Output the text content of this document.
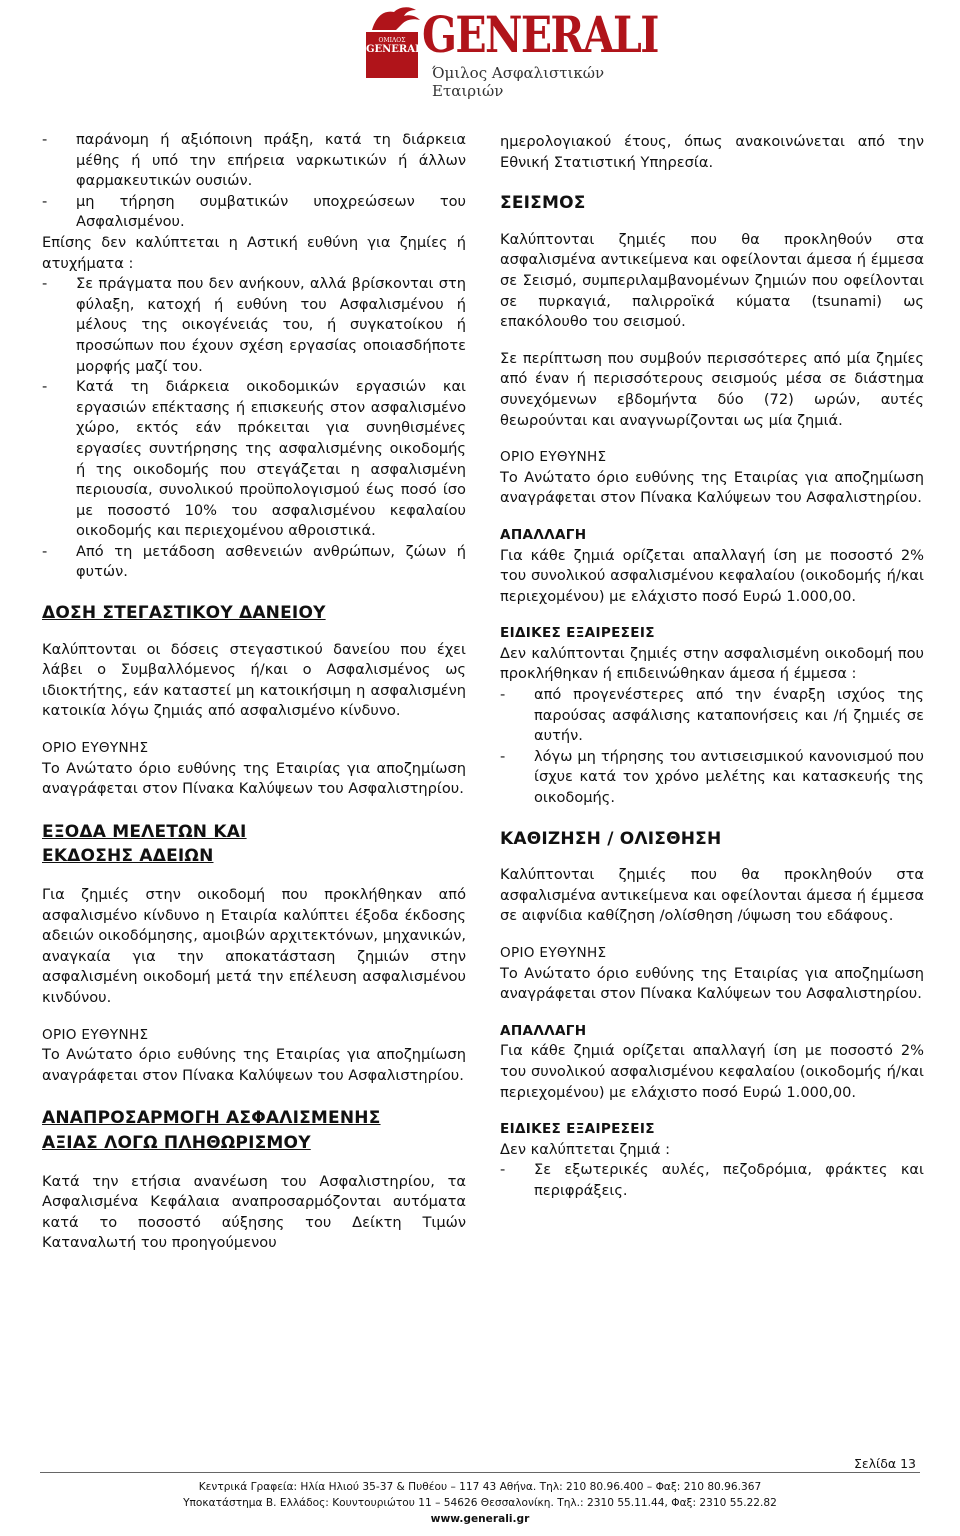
ΟΜΙΛΟΣ
GENERALI
GENERALI
Όμιλος Ασφαλιστικών Εταιριών
-	παράνομη ή αξιόποινη πράξη, κατά τη διάρκεια μέθης ή υπό την επήρεια ναρκωτικών ή άλλων φαρμακευτικών ουσιών.
-	μη τήρηση συμβατικών υποχρεώσεων του Ασφαλισμένου.

Επίσης δεν καλύπτεται η Αστική ευθύνη για ζημίες ή ατυχήματα :

-	Σε πράγματα που δεν ανήκουν, αλλά βρίσκονται στη φύλαξη, κατοχή ή ευθύνη του Ασφαλισμένου ή μέλους της οικογένειάς του, ή συγκατοίκου ή προσώπων που έχουν σχέση εργασίας οποιασδήποτε μορφής μαζί του.
-	Κατά τη διάρκεια οικοδομικών εργασιών και εργασιών επέκτασης ή επισκευής στον ασφαλισμένο χώρο, εκτός εάν πρόκειται για συνηθισμένες εργασίες συντήρησης της ασφαλισμένης οικοδομής ή της οικοδομής που στεγάζεται η ασφαλισμένη περιουσία, συνολικού προϋπολογισμού έως ποσό ίσο με ποσοστό 10% του ασφαλισμένου κεφαλαίου οικοδομής και περιεχομένου αθροιστικά.
-	Από τη μετάδοση ασθενειών ανθρώπων, ζώων ή φυτών.
ΔΟΣΗ ΣΤΕΓΑΣΤΙΚΟΥ ΔΑΝΕΙΟΥ

Καλύπτονται οι δόσεις στεγαστικού δανείου που έχει λάβει ο Συμβαλλόμενος ή/και ο Ασφαλισμένος ως ιδιοκτήτης, εάν καταστεί μη κατοικήσιμη η ασφαλισμένη κατοικία λόγω ζημιάς από ασφαλισμένο κίνδυνο.

ΟΡΙΟ ΕΥΘΥΝΗΣ

Το Ανώτατο όριο ευθύνης της Εταιρίας για αποζημίωση αναγράφεται στον Πίνακα Καλύψεων του Ασφαλιστηρίου.

ΕΞΟΔΑ ΜΕΛΕΤΩΝ ΚΑΙ
ΕΚΔΟΣΗΣ ΑΔΕΙΩΝ

Για ζημιές στην οικοδομή που προκλήθηκαν από ασφαλισμένο κίνδυνο η Εταιρία καλύπτει έξοδα έκδοσης αδειών οικοδόμησης, αμοιβών αρχιτεκτόνων, μηχανικών, αναγκαία για την αποκατάσταση ζημιών στην ασφαλισμένη οικοδομή μετά την επέλευση ασφαλισμένου κινδύνου.

ΟΡΙΟ ΕΥΘΥΝΗΣ

Το Ανώτατο όριο ευθύνης της Εταιρίας για αποζημίωση αναγράφεται στον Πίνακα Καλύψεων του Ασφαλιστηρίου.

ΑΝΑΠΡΟΣΑΡΜΟΓΗ ΑΣΦΑΛΙΣΜΕΝΗΣ
ΑΞΙΑΣ ΛΟΓΩ ΠΛΗΘΩΡΙΣΜΟΥ

Κατά την ετήσια ανανέωση του Ασφαλιστηρίου, τα Ασφαλισμένα Κεφάλαια αναπροσαρμόζονται αυτόματα κατά το ποσοστό αύξησης του Δείκτη Τιμών Καταναλωτή του προηγούμενου

ημερολογιακού έτους, όπως ανακοινώνεται από την Εθνική Στατιστική Υπηρεσία.

ΣΕΙΣΜΟΣ

Καλύπτονται ζημιές που θα προκληθούν στα ασφαλισμένα αντικείμενα και οφείλονται άμεσα ή έμμεσα σε Σεισμό, συμπεριλαμβανομένων ζημιών που οφείλονται σε πυρκαγιά, παλιρροϊκά κύματα (tsunami) ως επακόλουθο του σεισμού.

Σε περίπτωση που συμβούν περισσότερες από μία ζημίες από έναν ή περισσότερους σεισμούς μέσα σε διάστημα συνεχόμενων εβδομήντα δύο (72) ωρών, αυτές θεωρούνται και αναγνωρίζονται ως μία ζημιά.

ΟΡΙΟ ΕΥΘΥΝΗΣ

Το Ανώτατο όριο ευθύνης της Εταιρίας για αποζημίωση αναγράφεται στον Πίνακα Καλύψεων του Ασφαλιστηρίου.

ΑΠΑΛΛΑΓΗ

Για κάθε ζημιά ορίζεται απαλλαγή ίση με ποσοστό 2% του συνολικού ασφαλισμένου κεφαλαίου (οικοδομής ή/και περιεχομένου) με ελάχιστο ποσό Ευρώ 1.000,00.

ΕΙΔΙΚΕΣ ΕΞΑΙΡΕΣΕΙΣ

Δεν καλύπτονται ζημιές στην ασφαλισμένη οικοδομή που προκλήθηκαν ή επιδεινώθηκαν άμεσα ή έμμεσα :

-	από προγενέστερες από την έναρξη ισχύος της παρούσας ασφάλισης καταπονήσεις και /ή ζημιές σε αυτήν.
-	λόγω μη τήρησης του αντισεισμικού κανονισμού που ίσχυε κατά τον χρόνο μελέτης και κατασκευής της οικοδομής.
ΚΑΘΙΖΗΣΗ / ΟΛΙΣΘΗΣΗ

Καλύπτονται ζημιές που θα προκληθούν στα ασφαλισμένα αντικείμενα και οφείλονται άμεσα ή έμμεσα σε αιφνίδια καθίζηση /ολίσθηση /ύψωση του εδάφους.

ΟΡΙΟ ΕΥΘΥΝΗΣ

Το Ανώτατο όριο ευθύνης της Εταιρίας για αποζημίωση αναγράφεται στον Πίνακα Καλύψεων του Ασφαλιστηρίου.

ΑΠΑΛΛΑΓΗ

Για κάθε ζημιά ορίζεται απαλλαγή ίση με ποσοστό 2% του συνολικού ασφαλισμένου κεφαλαίου (οικοδομής ή/και περιεχομένου) με ελάχιστο ποσό Ευρώ 1.000,00.

ΕΙΔΙΚΕΣ ΕΞΑΙΡΕΣΕΙΣ

Δεν καλύπτεται ζημιά :

-	Σε εξωτερικές αυλές, πεζοδρόμια, φράκτες και περιφράξεις.
Σελίδα 13
Κεντρικά Γραφεία: Ηλία Ηλιού 35-37 & Πυθέου – 117 43 Αθήνα. Τηλ: 210 80.96.400 – Φαξ: 210 80.96.367
Υποκατάστημα Β. Ελλάδος: Κουντουριώτου 11 – 54626 Θεσσαλονίκη. Τηλ.: 2310 55.11.44, Φαξ: 2310 55.22.82
www.generali.gr
